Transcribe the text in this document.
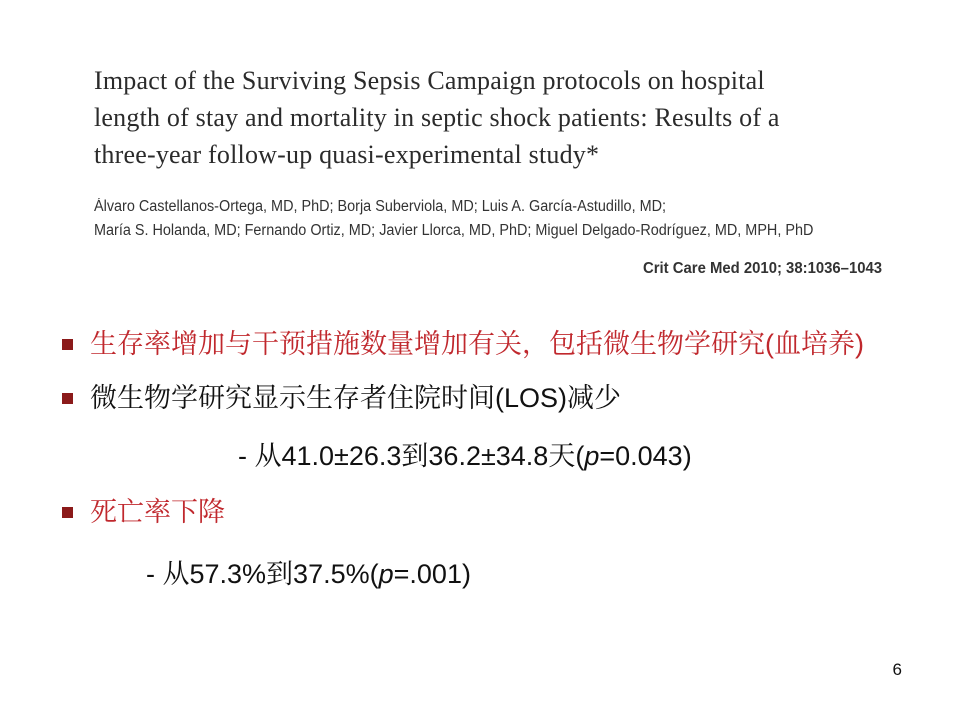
Impact of the Surviving Sepsis Campaign protocols on hospital
length of stay and mortality in septic shock patients: Results of a
three-year follow-up quasi-experimental study*
Álvaro Castellanos-Ortega, MD, PhD; Borja Suberviola, MD; Luis A. García-Astudillo, MD;
María S. Holanda, MD; Fernando Ortiz, MD; Javier Llorca, MD, PhD; Miguel Delgado-Rodríguez, MD, MPH, PhD
Crit Care Med 2010; 38:1036–1043
生存率增加与干预措施数量增加有关，包括微生物学研究(血培养)
微生物学研究显示生存者住院时间(LOS)减少
- 从41.0±26.3到36.2±34.8天(p=0.043)
死亡率下降
- 从57.3%到37.5%(p=.001)
6
